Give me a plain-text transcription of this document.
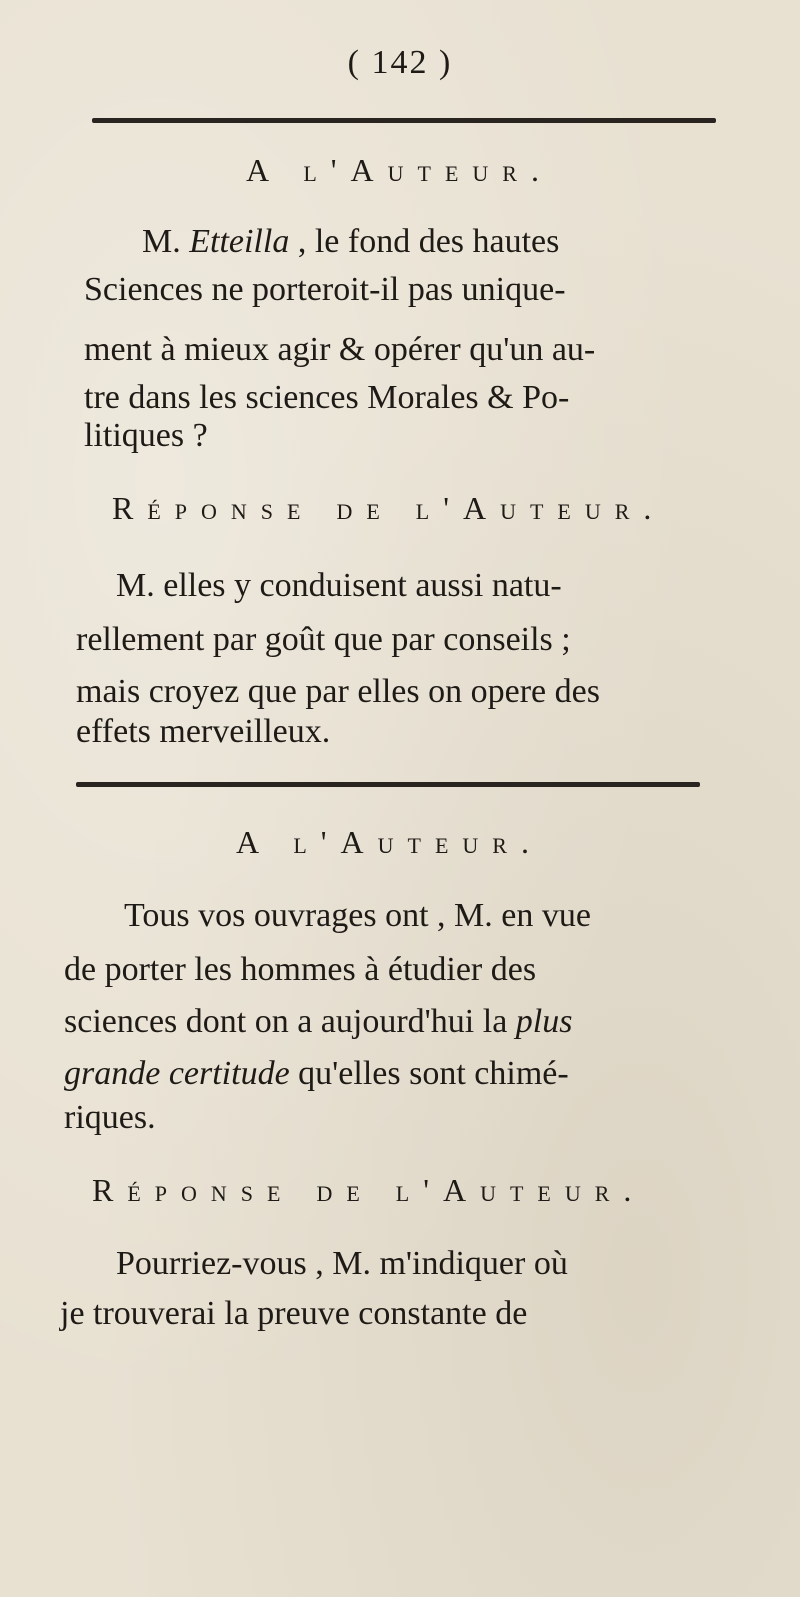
( 142 )
A l'Auteur.

M. Etteilla , le fond des hautes

Sciences ne porteroit-il pas unique-

ment à mieux agir & opérer qu'un au-

tre dans les sciences Morales & Po-

litiques ?

Réponse de l'Auteur.

M. elles y conduisent aussi natu-

rellement par goût que par conseils ;

mais croyez que par elles on opere des

effets merveilleux.

A l'Auteur.

Tous vos ouvrages ont , M. en vue

de porter les hommes à étudier des

sciences dont on a aujourd'hui la plus

grande certitude qu'elles sont chimé-

riques.

Réponse de l'Auteur.

Pourriez-vous , M. m'indiquer où

je trouverai la preuve constante de
